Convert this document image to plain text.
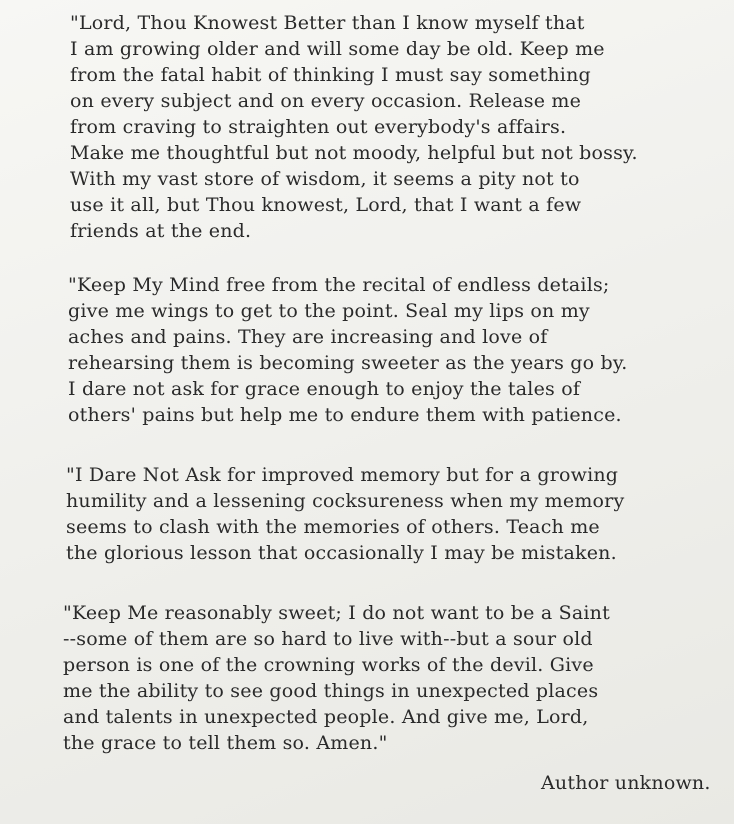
"Lord, Thou Knowest Better than I know myself that
I am growing older and will some day be old. Keep me
from the fatal habit of thinking I must say something
on every subject and on every occasion. Release me
from craving to straighten out everybody's affairs.
Make me thoughtful but not moody, helpful but not bossy.
With my vast store of wisdom, it seems a pity not to
use it all, but Thou knowest, Lord, that I want a few
friends at the end.
"Keep My Mind free from the recital of endless details;
give me wings to get to the point. Seal my lips on my
aches and pains. They are increasing and love of
rehearsing them is becoming sweeter as the years go by.
I dare not ask for grace enough to enjoy the tales of
others' pains but help me to endure them with patience.
"I Dare Not Ask for improved memory but for a growing
humility and a lessening cocksureness when my memory
seems to clash with the memories of others. Teach me
the glorious lesson that occasionally I may be mistaken.
"Keep Me reasonably sweet; I do not want to be a Saint
--some of them are so hard to live with--but a sour old
person is one of the crowning works of the devil. Give
me the ability to see good things in unexpected places
and talents in unexpected people. And give me, Lord,
the grace to tell them so. Amen."
Author unknown.
